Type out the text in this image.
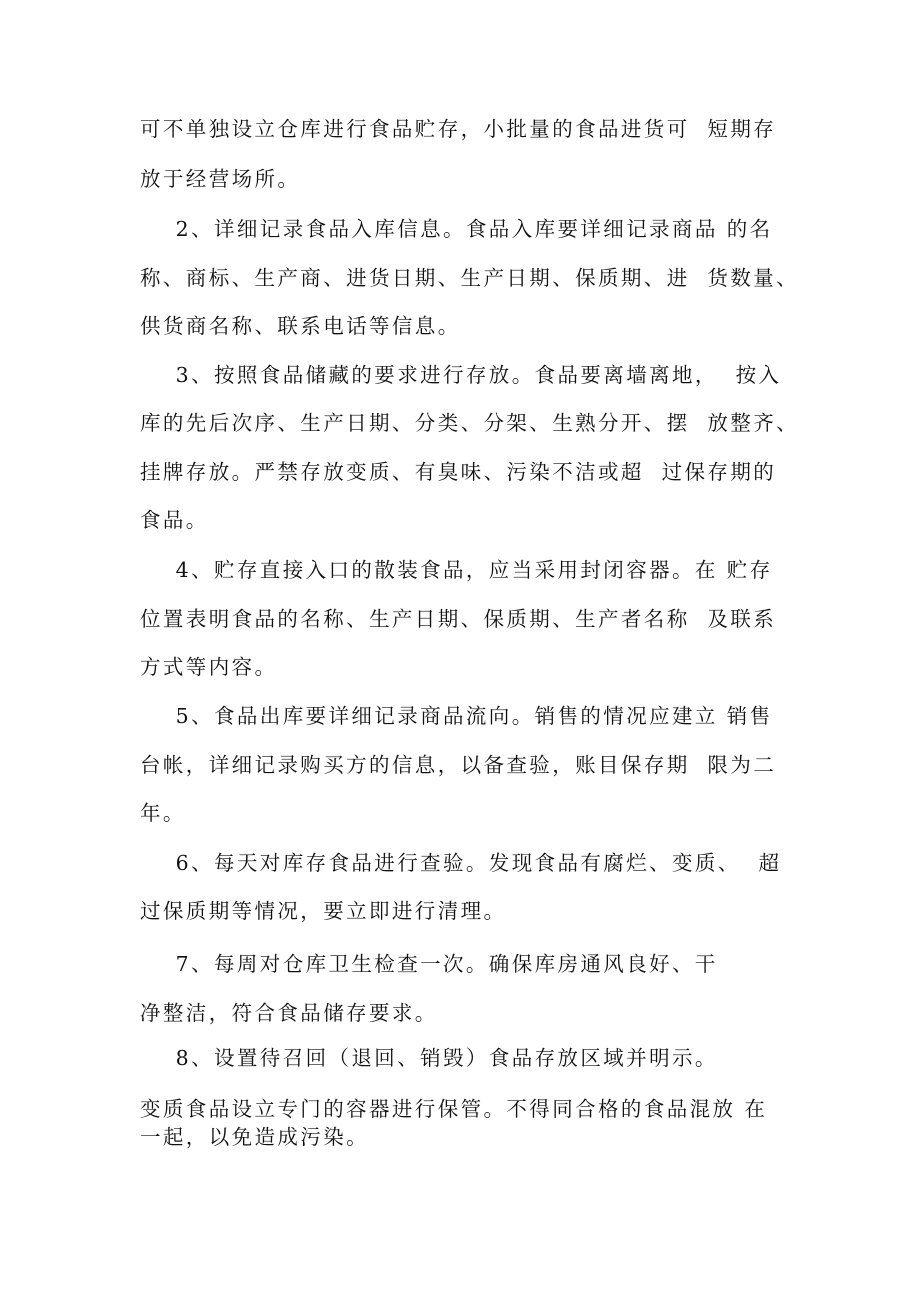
可不单独设立仓库进行食品贮存，小批量的食品进货可  短期存
放于经营场所。
2、详细记录食品入库信息。食品入库要详细记录商品 的名
称、商标、生产商、进货日期、生产日期、保质期、进  货数量、
供货商名称、联系电话等信息。
3、按照食品储藏的要求进行存放。食品要离墙离地，  按入
库的先后次序、生产日期、分类、分架、生熟分开、摆  放整齐、
挂牌存放。严禁存放变质、有臭味、污染不洁或超  过保存期的
食品。
4、贮存直接入口的散装食品，应当采用封闭容器。在 贮存
位置表明食品的名称、生产日期、保质期、生产者名称  及联系
方式等内容。
5、食品出库要详细记录商品流向。销售的情况应建立 销售
台帐，详细记录购买方的信息，以备查验，账目保存期  限为二
年。
6、每天对库存食品进行查验。发现食品有腐烂、变质、  超
过保质期等情况，要立即进行清理。
7、每周对仓库卫生检查一次。确保库房通风良好、干
净整洁，符合食品储存要求。
8、设置待召回（退回、销毁）食品存放区域并明示。
变质食品设立专门的容器进行保管。不得同合格的食品混放 在
一起，以免造成污染。
